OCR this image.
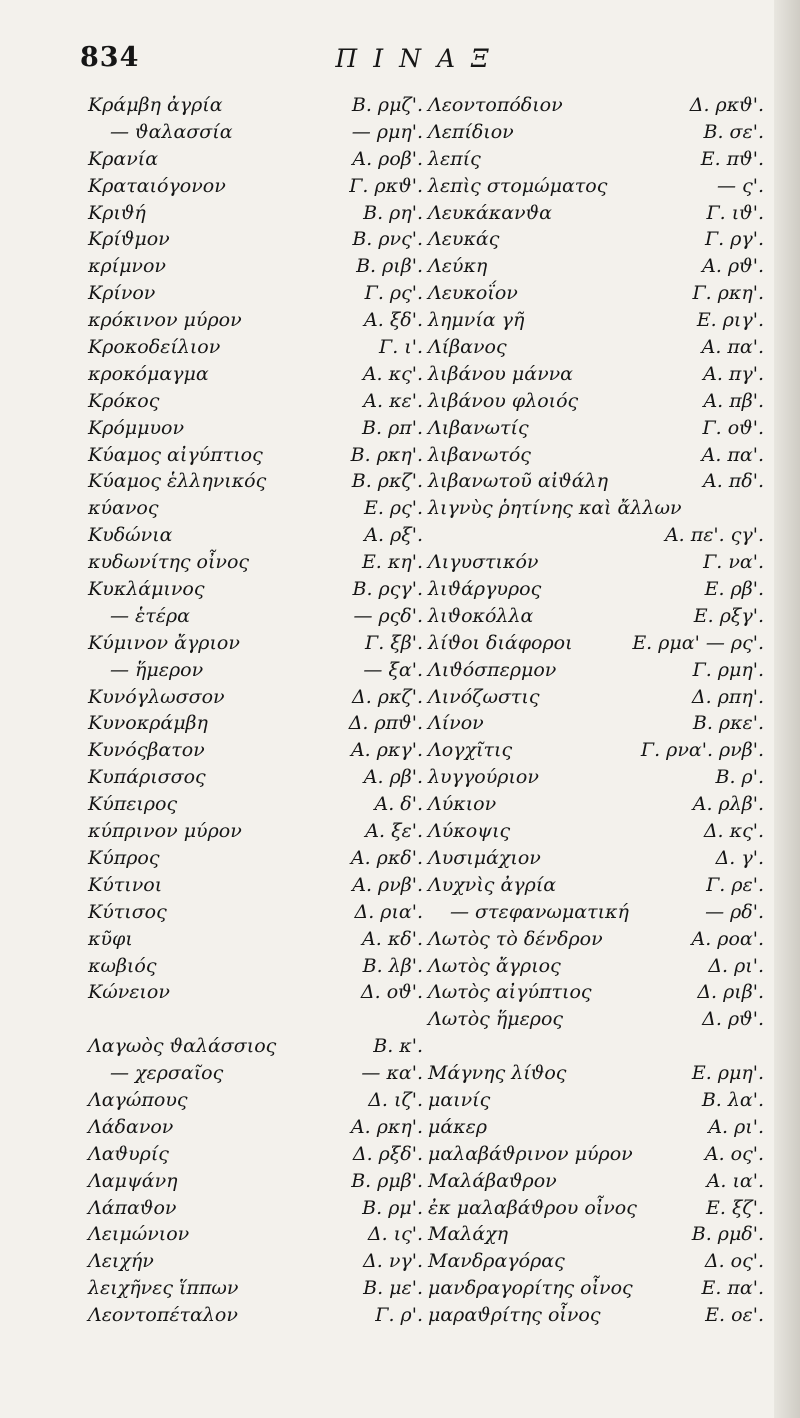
834	ΠΙΝΑΞ
Κράμβη ἀγρία	Β. ρμζ'.
— ϑαλασσία	— ρμη'.
Κρανία	Α. ροβ'.
Κραταιόγονον	Γ. ρκϑ'.
Κριϑή	Β. ρη'.
Κρίϑμον	Β. ρνς'.
κρίμνον	Β. ριβ'.
Κρίνον	Γ. ρς'.
κρόκινον μύρον	Α. ξδ'.
Κροκοδείλιον	Γ. ι'.
κροκόμαγμα	Α. κς'.
Κρόκος	Α. κε'.
Κρόμμυον	Β. ρπ'.
Κύαμος αἰγύπτιος	Β. ρκη'.
Κύαμος ἑλληνικός	Β. ρκζ'.
κύανος	Ε. ρς'.
Κυδώνια	Α. ρξ'.
κυδωνίτης οἶνος	Ε. κη'.
Κυκλάμινος	Β. ρςγ'.
— ἑτέρα	— ρςδ'.
Κύμινον ἄγριον	Γ. ξβ'.
— ἥμερον	— ξα'.
Κυνόγλωσσον	Δ. ρκζ'.
Κυνοκράμβη	Δ. ρπϑ'.
Κυνόςβατον	Α. ρκγ'.
Κυπάρισσος	Α. ρβ'.
Κύπειρος	Α. δ'.
κύπρινον μύρον	Α. ξε'.
Κύπρος	Α. ρκδ'.
Κύτινοι	Α. ρνβ'.
Κύτισος	Δ. ρια'.
κῦφι	Α. κδ'.
κωβιός	Β. λβ'.
Κώνειον	Δ. οϑ'.
Λαγωὸς ϑαλάσσιος	Β. κ'.
— χερσαῖος	— κα'.
Λαγώπους	Δ. ιζ'.
Λάδανον	Α. ρκη'.
Λαϑυρίς	Δ. ρξδ'.
Λαμψάνη	Β. ρμβ'.
Λάπαϑον	Β. ρμ'.
Λειμώνιον	Δ. ις'.
Λειχήν	Δ. νγ'.
λειχῆνες ἵππων	Β. με'.
Λεοντοπέταλον	Γ. ρ'.
Λεοντοπόδιον	Δ. ρκϑ'.
Λεπίδιον	Β. σε'.
λεπίς	Ε. πϑ'.
λεπὶς στομώματος	— ς'.
Λευκάκανϑα	Γ. ιϑ'.
Λευκάς	Γ. ργ'.
Λεύκη	Α. ρϑ'.
Λευκοΐον	Γ. ρκη'.
λημνία γῆ	Ε. ριγ'.
Λίβανος	Α. πα'.
λιβάνου μάννα	Α. πγ'.
λιβάνου φλοιός	Α. πβ'.
Λιβανωτίς	Γ. οϑ'.
λιβανωτός	Α. πα'.
λιβανωτοῦ αἰϑάλη	Α. πδ'.
λιγνὺς ῥητίνης καὶ ἄλλων
Α. πε'. ςγ'.
Λιγυστικόν	Γ. να'.
λιϑάργυρος	Ε. ρβ'.
λιϑοκόλλα	Ε. ρξγ'.
λίϑοι διάφοροι	Ε. ρμα' — ρς'.
Λιϑόσπερμον	Γ. ρμη'.
Λινόζωστις	Δ. ρπη'.
Λίνον	Β. ρκε'.
Λογχῖτις	Γ. ρνα'. ρνβ'.
λυγγούριον	Β. ρ'.
Λύκιον	Α. ρλβ'.
Λύκοψις	Δ. κς'.
Λυσιμάχιον	Δ. γ'.
Λυχνὶς ἀγρία	Γ. ρε'.
— στεφανωματική	— ρδ'.
Λωτὸς τὸ δένδρον	Α. ροα'.
Λωτὸς ἄγριος	Δ. ρι'.
Λωτὸς αἰγύπτιος	Δ. ριβ'.
Λωτὸς ἥμερος	Δ. ρϑ'.
Μάγνης λίϑος	Ε. ρμη'.
μαινίς	Β. λα'.
μάκερ	Α. ρι'.
μαλαβάϑρινον μύρον	Α. ος'.
Μαλάβαϑρον	Α. ια'.
ἐκ μαλαβάϑρου οἶνος	Ε. ξζ'.
Μαλάχη	Β. ρμδ'.
Μανδραγόρας	Δ. ος'.
μανδραγορίτης οἶνος	Ε. πα'.
μαραϑρίτης οἶνος	Ε. οε'.
